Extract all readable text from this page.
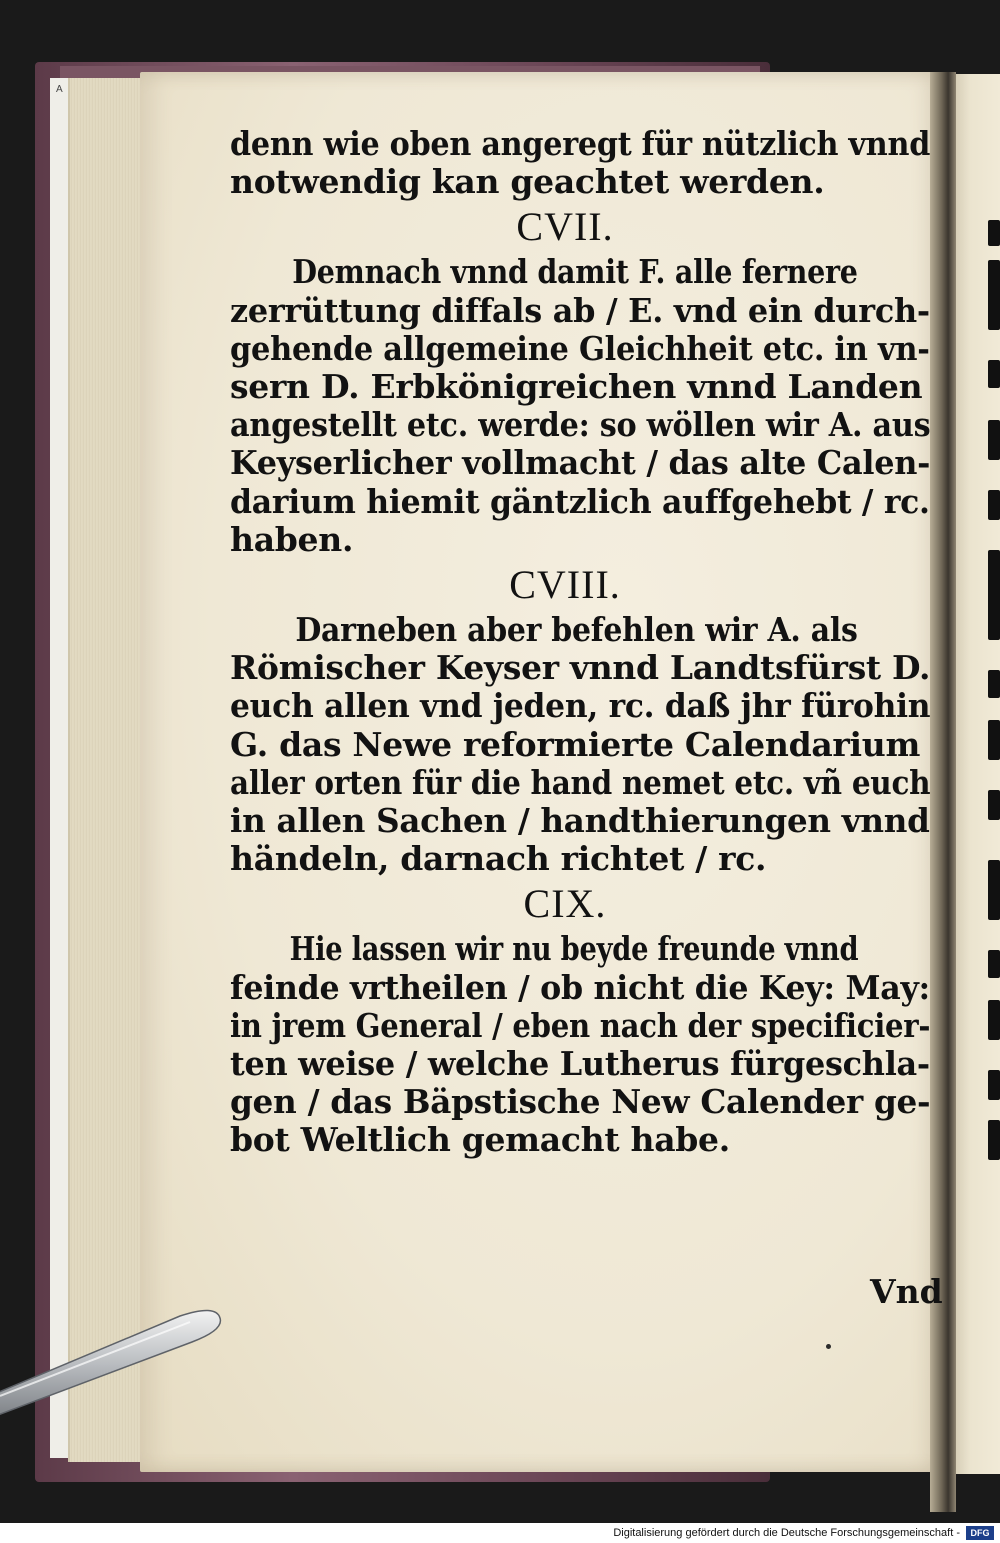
A
denn wie oben angeregt für nützlich vnnd
notwendig kan geachtet werden.
CVII.
Demnach vnnd damit F. alle fernere
zerrüttung diffals ab / E. vnd ein durch-
gehende allgemeine Gleichheit etc. in vn-
sern D. Erbkönigreichen vnnd Landen
angestellt etc. werde: so wöllen wir A. aus
Keyserlicher vollmacht / das alte Calen-
darium hiemit gäntzlich auffgehebt / rc.
haben.
CVIII.
Darneben aber befehlen wir A. als
Römischer Keyser vnnd Landtsfürst D.
euch allen vnd jeden, rc. daß jhr fürohin
G. das Newe reformierte Calendarium
aller orten für die hand nemet etc. vñ euch
in allen Sachen / handthierungen vnnd
händeln, darnach richtet / rc.
CIX.
Hie lassen wir nu beyde freunde vnnd
feinde vrtheilen / ob nicht die Key: May:
in jrem General / eben nach der specificier-
ten weise / welche Lutherus fürgeschla-
gen / das Bäpstische New Calender ge-
bot Weltlich gemacht habe.
Vnd
Digitalisierung gefördert durch die Deutsche Forschungsgemeinschaft -	DFG
